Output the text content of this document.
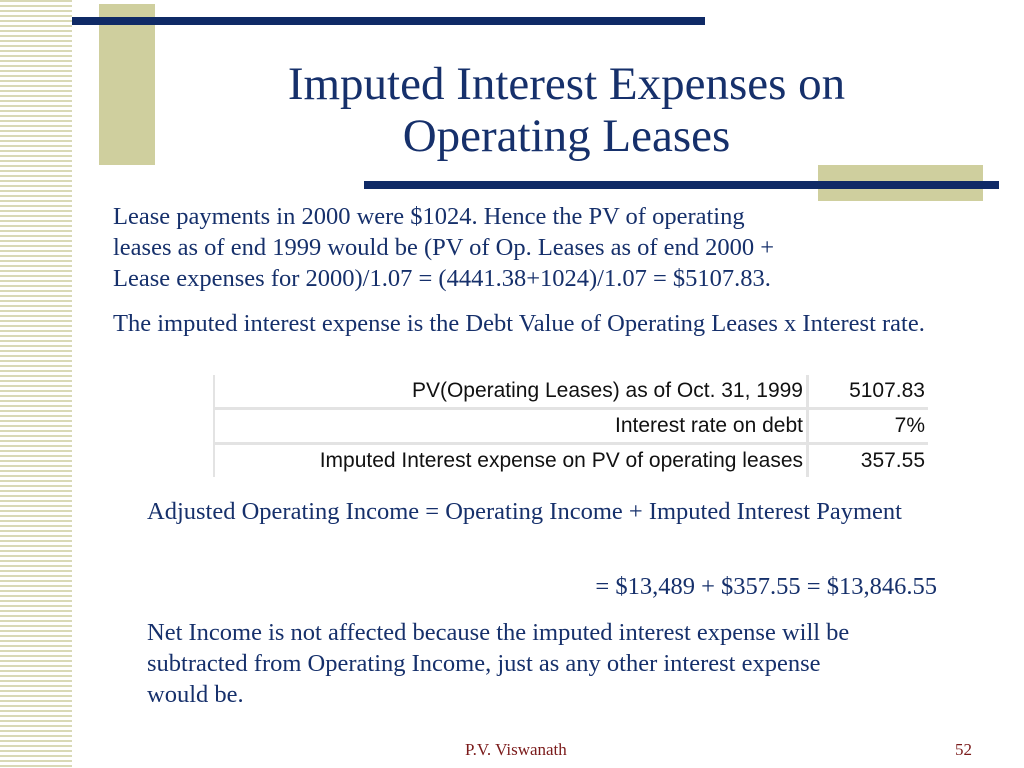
Imputed Interest Expenses on
Operating Leases

Lease payments in 2000 were $1024. Hence the PV of operating
leases as of end 1999 would be (PV of Op. Leases as of end 2000 +
Lease expenses for 2000)/1.07 = (4441.38+1024)/1.07 = $5107.83.

The imputed interest expense is the Debt Value of Operating Leases x Interest rate.

PV(Operating Leases) as of Oct. 31, 1999	5107.83
Interest rate on debt	7%
Imputed Interest expense on PV of operating leases	357.55

Adjusted Operating Income = Operating Income + Imputed Interest Payment

= $13,489 + $357.55 = $13,846.55

Net Income is not affected because the imputed interest expense will be
subtracted from Operating Income, just as any other interest expense
would be.

P.V. Viswanath	52
